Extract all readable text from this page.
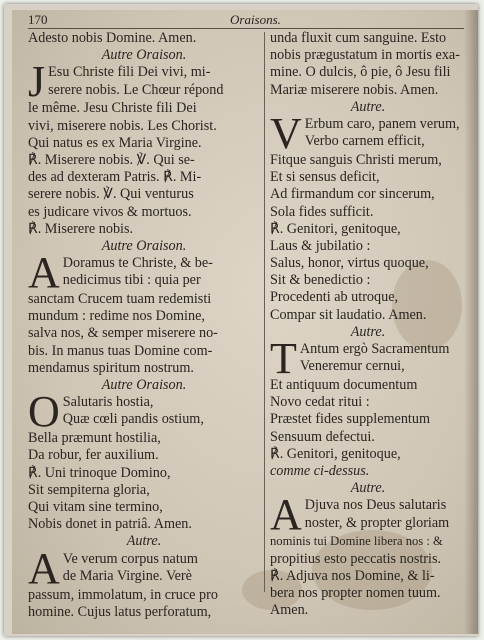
170	Oraisons.
Adesto nobis Domine. Amen.
Autre Oraison.
J Esu Christe fili Dei vivi, mi-
serere nobis. Le Chœur répond
le même. Jesu Christe fili Dei
vivi, miserere nobis. Les Chorist.
Qui natus es ex Maria Virgine.
℟. Miserere nobis. ℣. Qui se-
des ad dexteram Patris. ℟. Mi-
serere nobis. ℣. Qui venturus
es judicare vivos & mortuos.
℟. Miserere nobis.
Autre Oraison.
A Doramus te Christe, & be-
nedicimus tibi : quia per
sanctam Crucem tuam redemisti
mundum : redime nos Domine,
salva nos, & semper miserere no-
bis. In manus tuas Domine com-
mendamus spiritum nostrum.
Autre Oraison.
O Salutaris hostia,
Quæ cœli pandis ostium,
Bella præmunt hostilia,
Da robur, fer auxilium.
℟. Uni trinoque Domino,
Sit sempiterna gloria,
Qui vitam sine termino,
Nobis donet in patriâ. Amen.
Autre.
A Ve verum corpus natum
de Maria Virgine. Verè
passum, immolatum, in cruce pro
homine. Cujus latus perforatum,
unda fluxit cum sanguine. Esto
nobis prægustatum in mortis exa-
mine. O dulcis, ô pie, ô Jesu fili
Mariæ miserere nobis. Amen.
Autre.
V Erbum caro, panem verum,
Verbo carnem efficit,
Fitque sanguis Christi merum,
Et si sensus deficit,
Ad firmandum cor sincerum,
Sola fides sufficit.
℟. Genitori, genitoque,
Laus & jubilatio :
Salus, honor, virtus quoque,
Sit & benedictio :
Procedenti ab utroque,
Compar sit laudatio. Amen.
Autre.
T Antum ergò Sacramentum
Veneremur cernui,
Et antiquum documentum
Novo cedat ritui :
Præstet fides supplementum
Sensuum defectui.
℟. Genitori, genitoque,
comme ci-dessus.
Autre.
A Djuva nos Deus salutaris
noster, & propter gloriam
nominis tui Domine libera nos : &
propitius esto peccatis nostris.
℟. Adjuva nos Domine, & li-
bera nos propter nomen tuum.
Amen.
